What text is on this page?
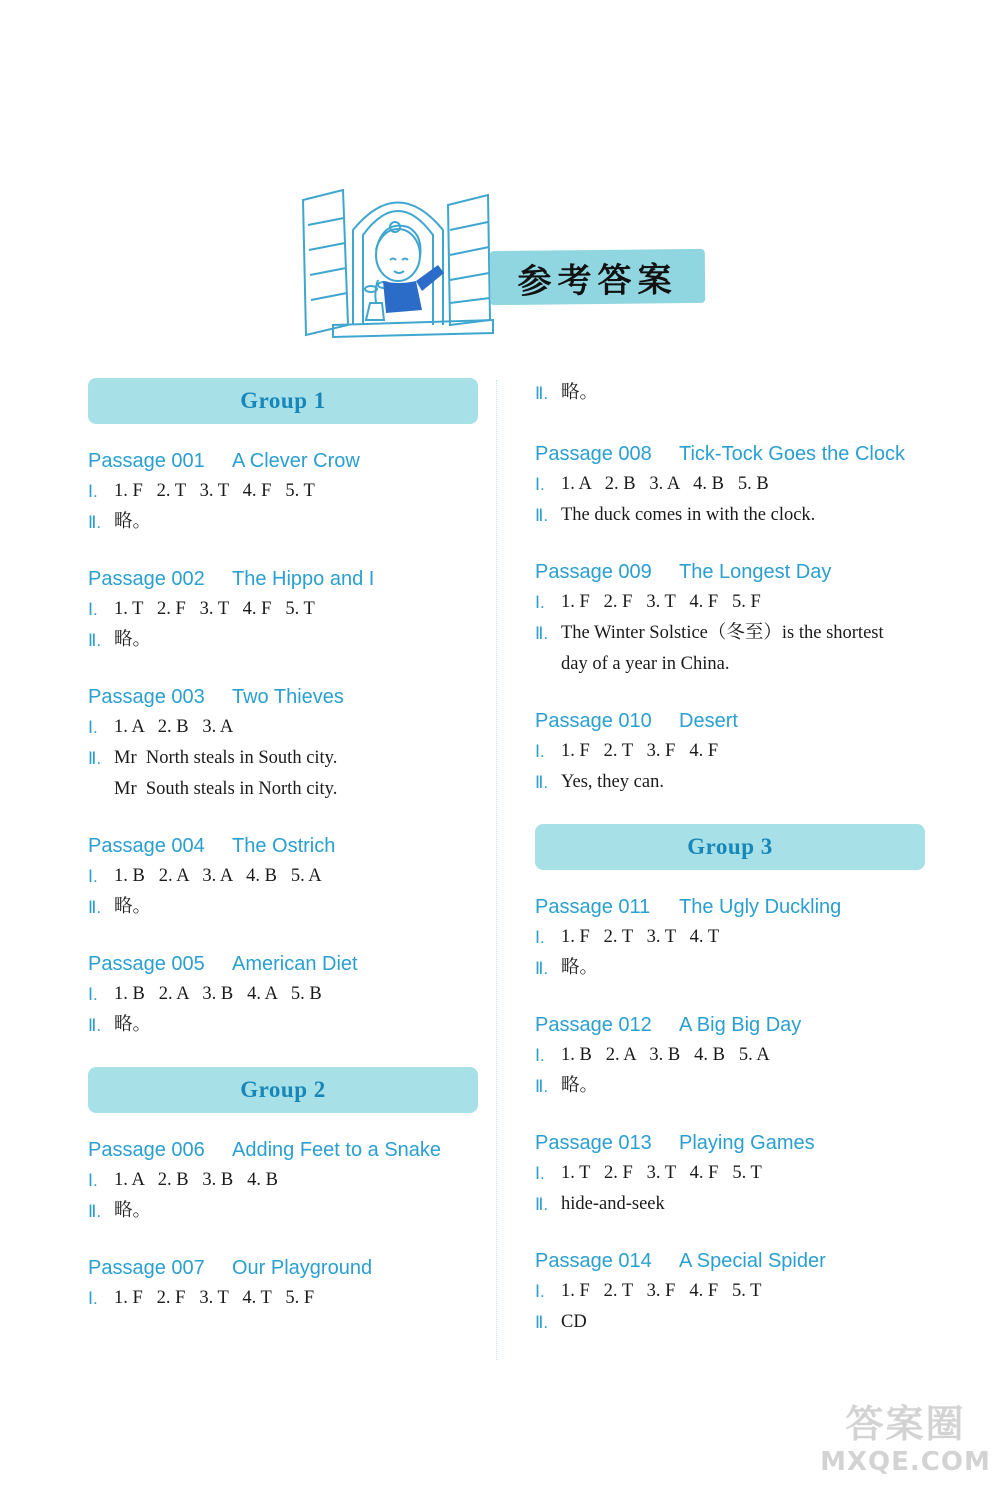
参考答案
Group 1
Passage 001 A Clever Crow
Ⅰ. 1. F   2. T   3. T   4. F   5. T
Ⅱ. 略。
Passage 002 The Hippo and I
Ⅰ. 1. T   2. F   3. T   4. F   5. T
Ⅱ. 略。
Passage 003 Two Thieves
Ⅰ. 1. A   2. B   3. A
Ⅱ. Mr  North steals in South city.
Mr  South steals in North city.
Passage 004 The Ostrich
Ⅰ. 1. B   2. A   3. A   4. B   5. A
Ⅱ. 略。
Passage 005 American Diet
Ⅰ. 1. B   2. A   3. B   4. A   5. B
Ⅱ. 略。
Group 2
Passage 006 Adding Feet to a Snake
Ⅰ. 1. A   2. B   3. B   4. B
Ⅱ. 略。
Passage 007 Our Playground
Ⅰ. 1. F   2. F   3. T   4. T   5. F
Ⅱ. 略。
Passage 008 Tick-Tock Goes the Clock
Ⅰ. 1. A   2. B   3. A   4. B   5. B
Ⅱ. The duck comes in with the clock.
Passage 009 The Longest Day
Ⅰ. 1. F   2. F   3. T   4. F   5. F
Ⅱ. The Winter Solstice（冬至）is the shortest
day of a year in China.
Passage 010 Desert
Ⅰ. 1. F   2. T   3. F   4. F
Ⅱ. Yes, they can.
Group 3
Passage 011 The Ugly Duckling
Ⅰ. 1. F   2. T   3. T   4. T
Ⅱ. 略。
Passage 012 A Big Big Day
Ⅰ. 1. B   2. A   3. B   4. B   5. A
Ⅱ. 略。
Passage 013 Playing Games
Ⅰ. 1. T   2. F   3. T   4. F   5. T
Ⅱ. hide-and-seek
Passage 014 A Special Spider
Ⅰ. 1. F   2. T   3. F   4. F   5. T
Ⅱ. CD
答案圈
MXQE.COM
